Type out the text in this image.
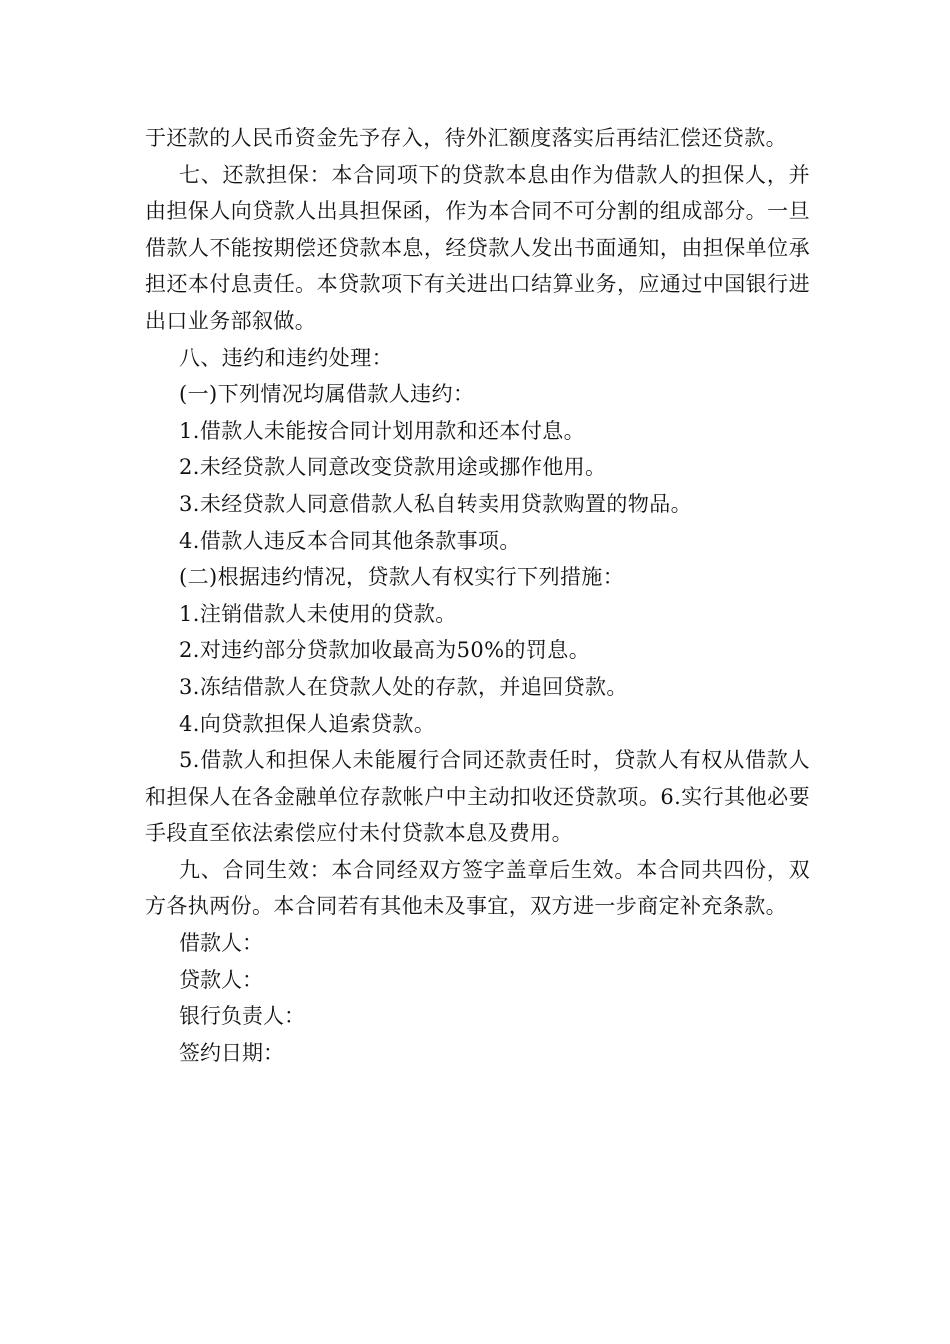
于还款的人民币资金先予存入，待外汇额度落实后再结汇偿还贷款。

七、还款担保：本合同项下的贷款本息由作为借款人的担保人，并由担保人向贷款人出具担保函，作为本合同不可分割的组成部分。一旦借款人不能按期偿还贷款本息，经贷款人发出书面通知，由担保单位承担还本付息责任。本贷款项下有关进出口结算业务，应通过中国银行进出口业务部叙做。

八、违约和违约处理：

(一)下列情况均属借款人违约：

1.借款人未能按合同计划用款和还本付息。

2.未经贷款人同意改变贷款用途或挪作他用。

3.未经贷款人同意借款人私自转卖用贷款购置的物品。

4.借款人违反本合同其他条款事项。

(二)根据违约情况，贷款人有权实行下列措施：

1.注销借款人未使用的贷款。

2.对违约部分贷款加收最高为50%的罚息。

3.冻结借款人在贷款人处的存款，并追回贷款。

4.向贷款担保人追索贷款。

5.借款人和担保人未能履行合同还款责任时，贷款人有权从借款人和担保人在各金融单位存款帐户中主动扣收还贷款项。6.实行其他必要手段直至依法索偿应付未付贷款本息及费用。

九、合同生效：本合同经双方签字盖章后生效。本合同共四份，双方各执两份。本合同若有其他未及事宜，双方进一步商定补充条款。

借款人：

贷款人：

银行负责人：

签约日期：
